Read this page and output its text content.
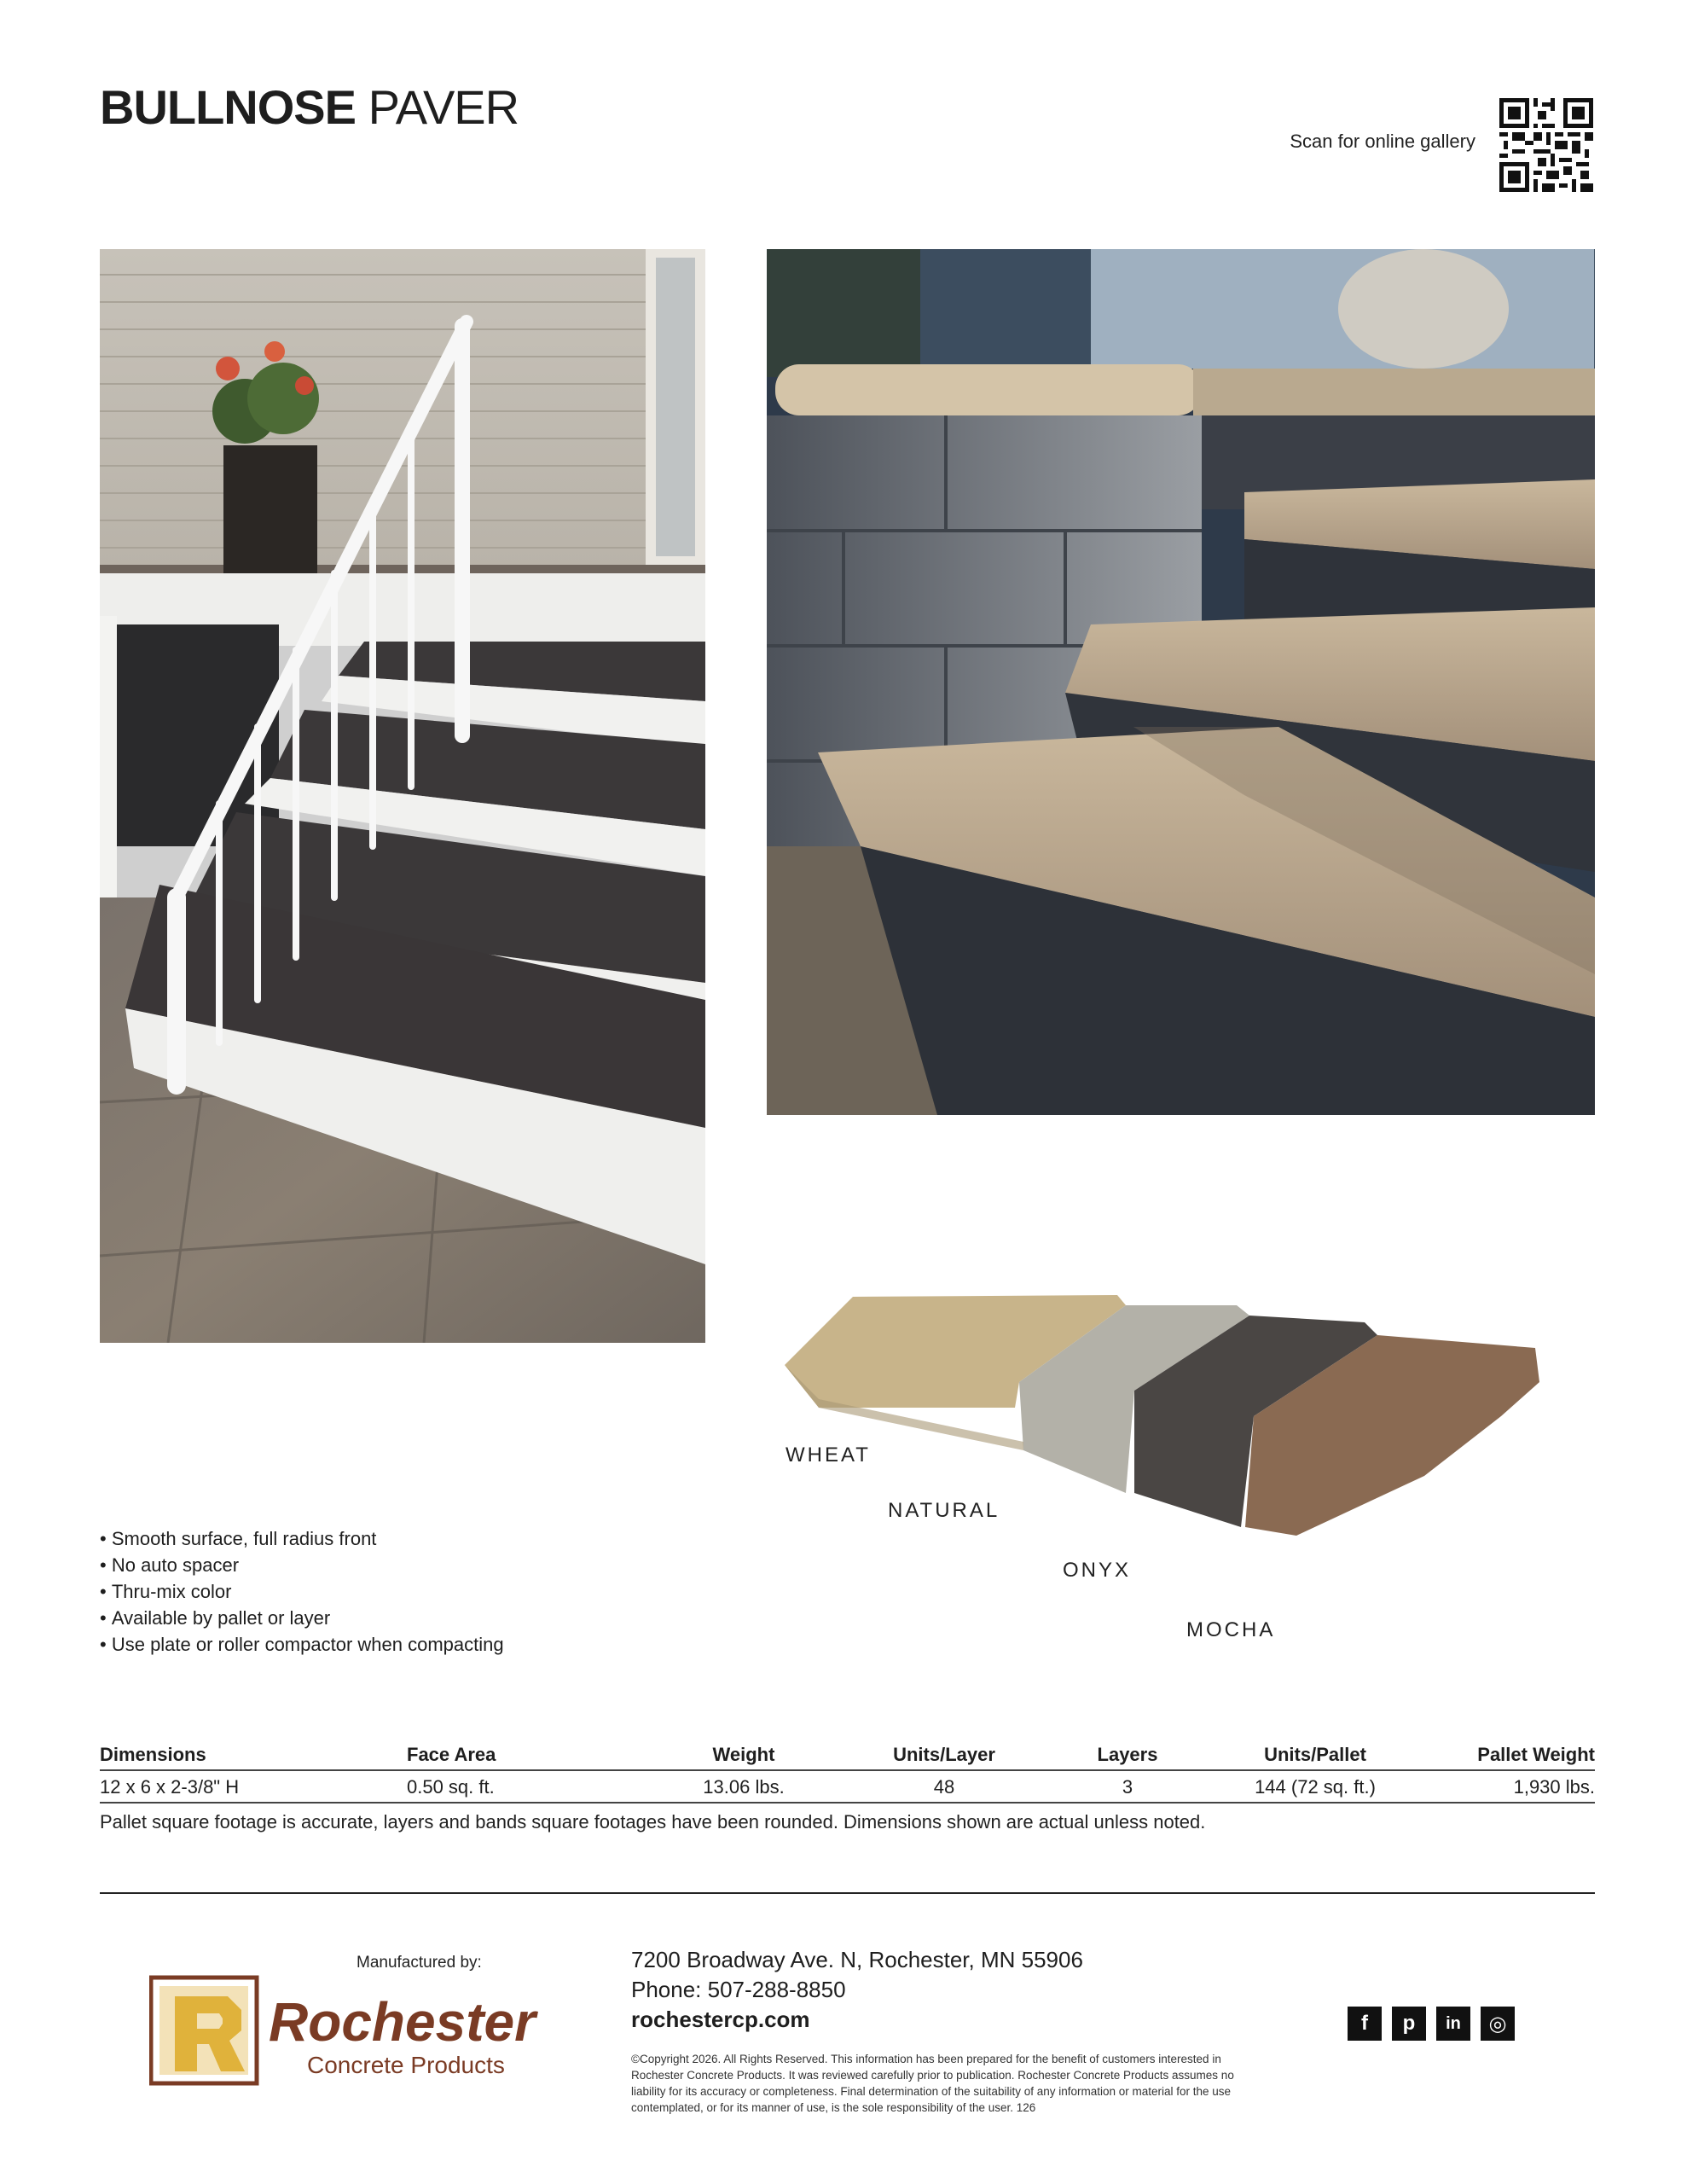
BULLNOSE PAVER
Scan for online gallery
WHEAT
NATURAL
ONYX
MOCHA
• Smooth surface, full radius front
• No auto spacer
• Thru-mix color
• Available by pallet or layer
• Use plate or roller compactor when compacting
Dimensions	Face Area	Weight	Units/Layer	Layers	Units/Pallet	Pallet Weight
12 x 6 x 2-3/8" H	0.50 sq. ft.	13.06 lbs.	48	3	144 (72 sq. ft.)	1,930 lbs.
Pallet square footage is accurate, layers and bands square footages have been rounded. Dimensions shown are actual unless noted.
Manufactured by:
Rochester
Concrete Products
7200 Broadway Ave. N, Rochester, MN 55906
Phone: 507-288-8850
rochestercp.com
©Copyright 2026. All Rights Reserved. This information has been prepared for the benefit of customers interested in Rochester Concrete Products. It was reviewed carefully prior to publication. Rochester Concrete Products assumes no liability for its accuracy or completeness. Final determination of the suitability of any information or material for the use contemplated, or for its manner of use, is the sole responsibility of the user. 126
f	p	in	◎
